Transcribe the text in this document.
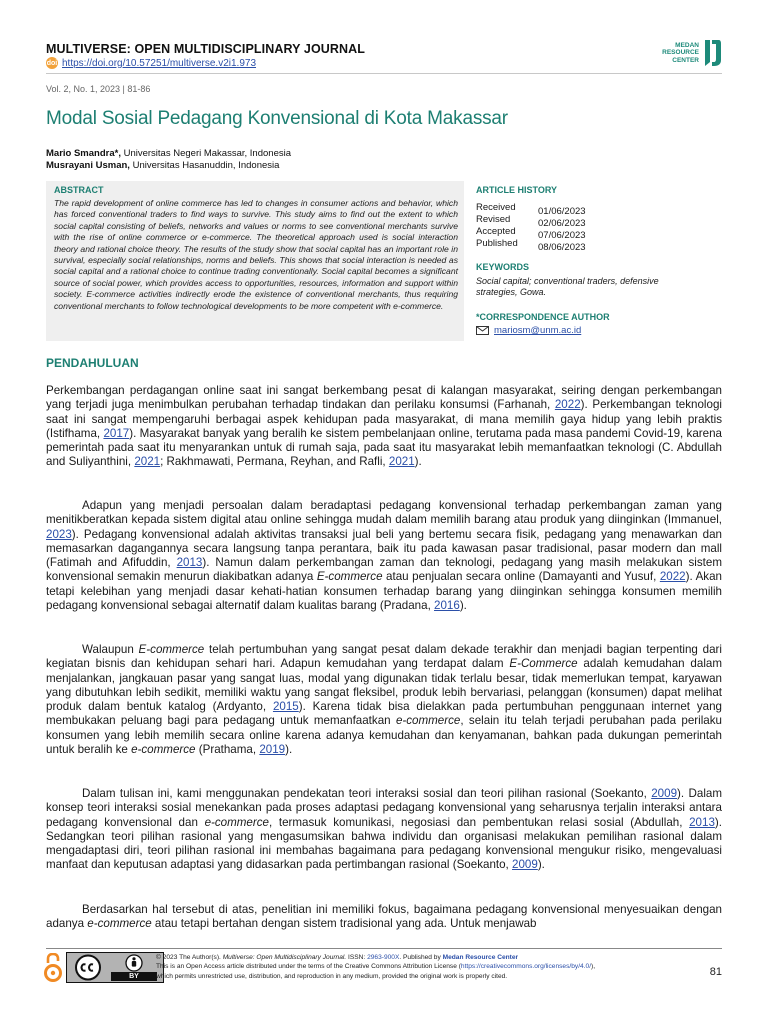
MULTIVERSE: OPEN MULTIDISCIPLINARY JOURNAL
doi https://doi.org/10.57251/multiverse.v2i1.973
MEDAN
RESOURCE
CENTER
Vol. 2, No. 1, 2023 | 81-86
Modal Sosial Pedagang Konvensional di Kota Makassar
Mario Smandra*, Universitas Negeri Makassar, Indonesia
Musrayani Usman, Universitas Hasanuddin, Indonesia
ABSTRACT
The rapid development of online commerce has led to changes in consumer actions and behavior, which has forced conventional traders to find ways to survive. This study aims to find out the extent to which social capital consisting of beliefs, networks and values or norms to see conventional merchants survive with the rise of online commerce or e-commerce. The theoretical approach used is social interaction theory and rational choice theory. The results of the study show that social capital has an important role in survival, especially social relationships, norms and beliefs. This shows that social interaction is needed as social capital and a rational choice to continue trading conventionally. Social capital becomes a significant source of social power, which provides access to opportunities, resources, information and support within society. E-commerce activities indirectly erode the existence of conventional merchants, thus requiring conventional merchants to follow technological developments to be more competent with e-commerce.
ARTICLE HISTORY
Received
Revised
Accepted
Published
01/06/2023
02/06/2023
07/06/2023
08/06/2023
KEYWORDS
Social capital; conventional traders, defensive strategies, Gowa.
*CORRESPONDENCE AUTHOR
mariosm@unm.ac.id
PENDAHULUAN

Perkembangan perdagangan online saat ini sangat berkembang pesat di kalangan masyarakat, seiring dengan perkembangan yang terjadi juga menimbulkan perubahan terhadap tindakan dan perilaku konsumsi (Farhanah, 2022). Perkembangan teknologi saat ini sangat mempengaruhi berbagai aspek kehidupan pada masyarakat, di mana memilih gaya hidup yang lebih praktis (Istifhama, 2017). Masyarakat banyak yang beralih ke sistem pembelanjaan online, terutama pada masa pandemi Covid-19, karena pemerintah pada saat itu menyarankan untuk di rumah saja, pada saat itu masyarakat lebih memanfaatkan teknologi (C. Abdullah and Suliyanthini, 2021; Rakhmawati, Permana, Reyhan, and Rafli, 2021).

Adapun yang menjadi persoalan dalam beradaptasi pedagang konvensional terhadap perkembangan zaman yang menitikberatkan kepada sistem digital atau online sehingga mudah dalam memilih barang atau produk yang diinginkan (Immanuel, 2023). Pedagang konvensional adalah aktivitas transaksi jual beli yang bertemu secara fisik, pedagang yang menawarkan dan memasarkan dagangannya secara langsung tanpa perantara, baik itu pada kawasan pasar tradisional, pasar modern dan mall (Fatimah and Afifuddin, 2013). Namun dalam perkembangan zaman dan teknologi, pedagang yang masih melakukan sistem konvensional semakin menurun diakibatkan adanya E-commerce atau penjualan secara online (Damayanti and Yusuf, 2022). Akan tetapi kelebihan yang menjadi dasar kehati-hatian konsumen terhadap barang yang diinginkan sehingga konsumen memilih pedagang konvensional sebagai alternatif dalam kualitas barang (Pradana, 2016).

Walaupun E-commerce telah pertumbuhan yang sangat pesat dalam dekade terakhir dan menjadi bagian terpenting dari kegiatan bisnis dan kehidupan sehari hari. Adapun kemudahan yang terdapat dalam E-Commerce adalah kemudahan dalam menjalankan, jangkauan pasar yang sangat luas, modal yang digunakan tidak terlalu besar, tidak memerlukan tempat, karyawan yang dibutuhkan lebih sedikit, memiliki waktu yang sangat fleksibel, produk lebih bervariasi, pelanggan (konsumen) dapat melihat produk dalam bentuk katalog (Ardyanto, 2015). Karena tidak bisa dielakkan pada pertumbuhan penggunaan internet yang membukakan peluang bagi para pedagang untuk memanfaatkan e-commerce, selain itu telah terjadi perubahan pada perilaku konsumen yang lebih memilih secara online karena adanya kemudahan dan kenyamanan, bahkan pada dukungan pemerintah untuk beralih ke e-commerce (Prathama, 2019).

Dalam tulisan ini, kami menggunakan pendekatan teori interaksi sosial dan teori pilihan rasional (Soekanto, 2009). Dalam konsep teori interaksi sosial menekankan pada proses adaptasi pedagang konvensional yang seharusnya terjalin interaksi antara pedagang konvensional dan e-commerce, termasuk komunikasi, negosiasi dan pembentukan relasi sosial (Abdullah, 2013). Sedangkan teori pilihan rasional yang mengasumsikan bahwa individu dan organisasi melakukan pemilihan rasional dalam mengadaptasi diri, teori pilihan rasional ini membahas bagaimana para pedagang konvensional mengukur risiko, mengevaluasi manfaat dan keputusan adaptasi yang didasarkan pada pertimbangan rasional (Soekanto, 2009).

Berdasarkan hal tersebut di atas, penelitian ini memiliki fokus, bagaimana pedagang konvensional menyesuaikan dengan adanya e-commerce atau tetapi bertahan dengan sistem tradisional yang ada. Untuk menjawab

BY
© 2023 The Author(s). Multiverse: Open Multidisciplinary Journal. ISSN: 2963-900X. Published by Medan Resource Center
This is an Open Access article distributed under the terms of the Creative Commons Attribution License (https://creativecommons.org/licenses/by/4.0/),
which permits unrestricted use, distribution, and reproduction in any medium, provided the original work is properly cited.	81
